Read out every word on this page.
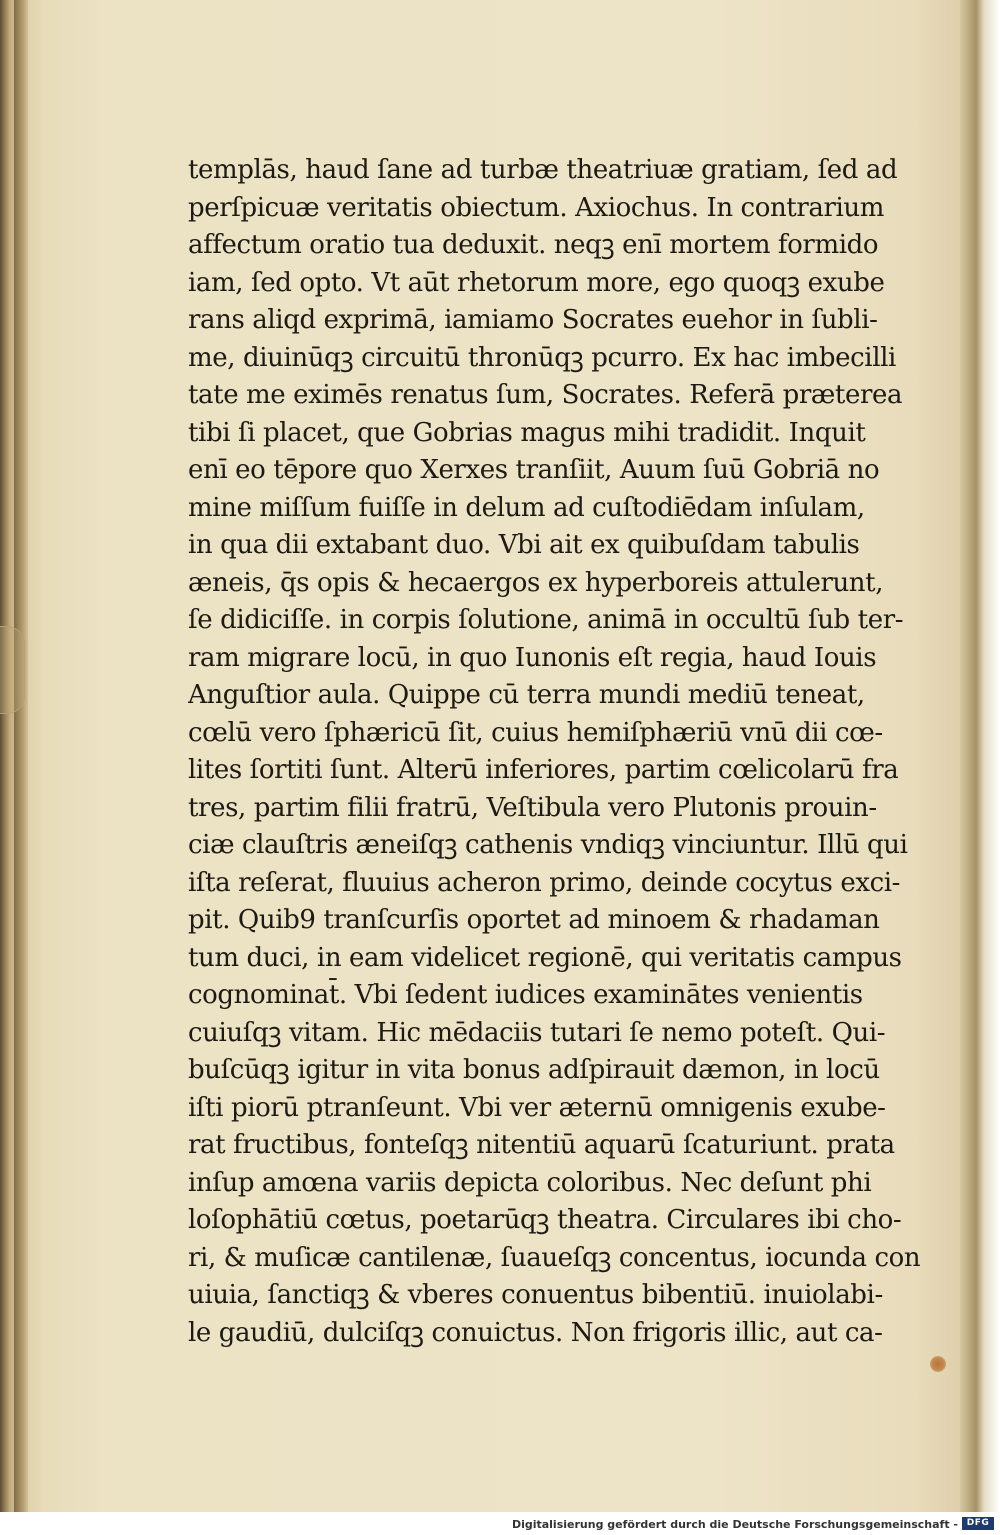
templās, haud ſane ad turbæ theatriuæ gratiam, ſed ad
perſpicuæ veritatis obiectum. Axiochus. In contrarium
affectum oratio tua deduxit. neqꝫ enī mortem formido
iam, ſed opto. Vt aūt rhetorum more, ego quoqꝫ exube
rans aliqd exprimā, iamiamo Socrates euehor in ſubli-
me, diuinūqꝫ circuitū thronūqꝫ pcurro. Ex hac imbecilli
tate me eximēs renatus ſum, Socrates. Referā præterea
tibi ſi placet, que Gobrias magus mihi tradidit. Inquit
enī eo tēpore quo Xerxes tranſiit, Auum ſuū Gobriā no
mine miſſum fuiſſe in delum ad cuſtodiēdam inſulam,
in qua dii extabant duo. Vbi ait ex quibuſdam tabulis
æneis, q̄s opis & hecaergos ex hyperboreis attulerunt,
ſe didiciſſe. in corpis ſolutione, animā in occultū ſub ter-
ram migrare locū, in quo Iunonis eſt regia, haud Iouis
Anguſtior aula. Quippe cū terra mundi mediū teneat,
cœlū vero ſphæricū ſit, cuius hemiſphæriū vnū dii cœ-
lites ſortiti ſunt. Alterū inferiores, partim cœlicolarū fra
tres, partim filii fratrū, Veſtibula vero Plutonis prouin-
ciæ clauſtris æneiſqꝫ cathenis vndiqꝫ vinciuntur. Illū qui
iſta reſerat, fluuius acheron primo, deinde cocytus exci-
pit. Quib9 tranſcurſis oportet ad minoem & rhadaman
tum duci, in eam videlicet regionē, qui veritatis campus
cognominat̄. Vbi ſedent iudices examinātes venientis
cuiuſqꝫ vitam. Hic mēdaciis tutari ſe nemo poteſt. Qui-
buſcūqꝫ igitur in vita bonus adſpirauit dæmon, in locū
iſti piorū ptranſeunt. Vbi ver æternū omnigenis exube-
rat fructibus, fonteſqꝫ nitentiū aquarū ſcaturiunt. prata
inſup amœna variis depicta coloribus. Nec deſunt phi
loſophātiū cœtus, poetarūqꝫ theatra. Circulares ibi cho-
ri, & muſicæ cantilenæ, ſuaueſqꝫ concentus, iocunda con
uiuia, ſanctiqꝫ & vberes conuentus bibentiū. inuiolabi-
le gaudiū, dulciſqꝫ conuictus. Non frigoris illic, aut ca-
Digitalisierung gefördert durch die Deutsche Forschungsgemeinschaft - DFG
